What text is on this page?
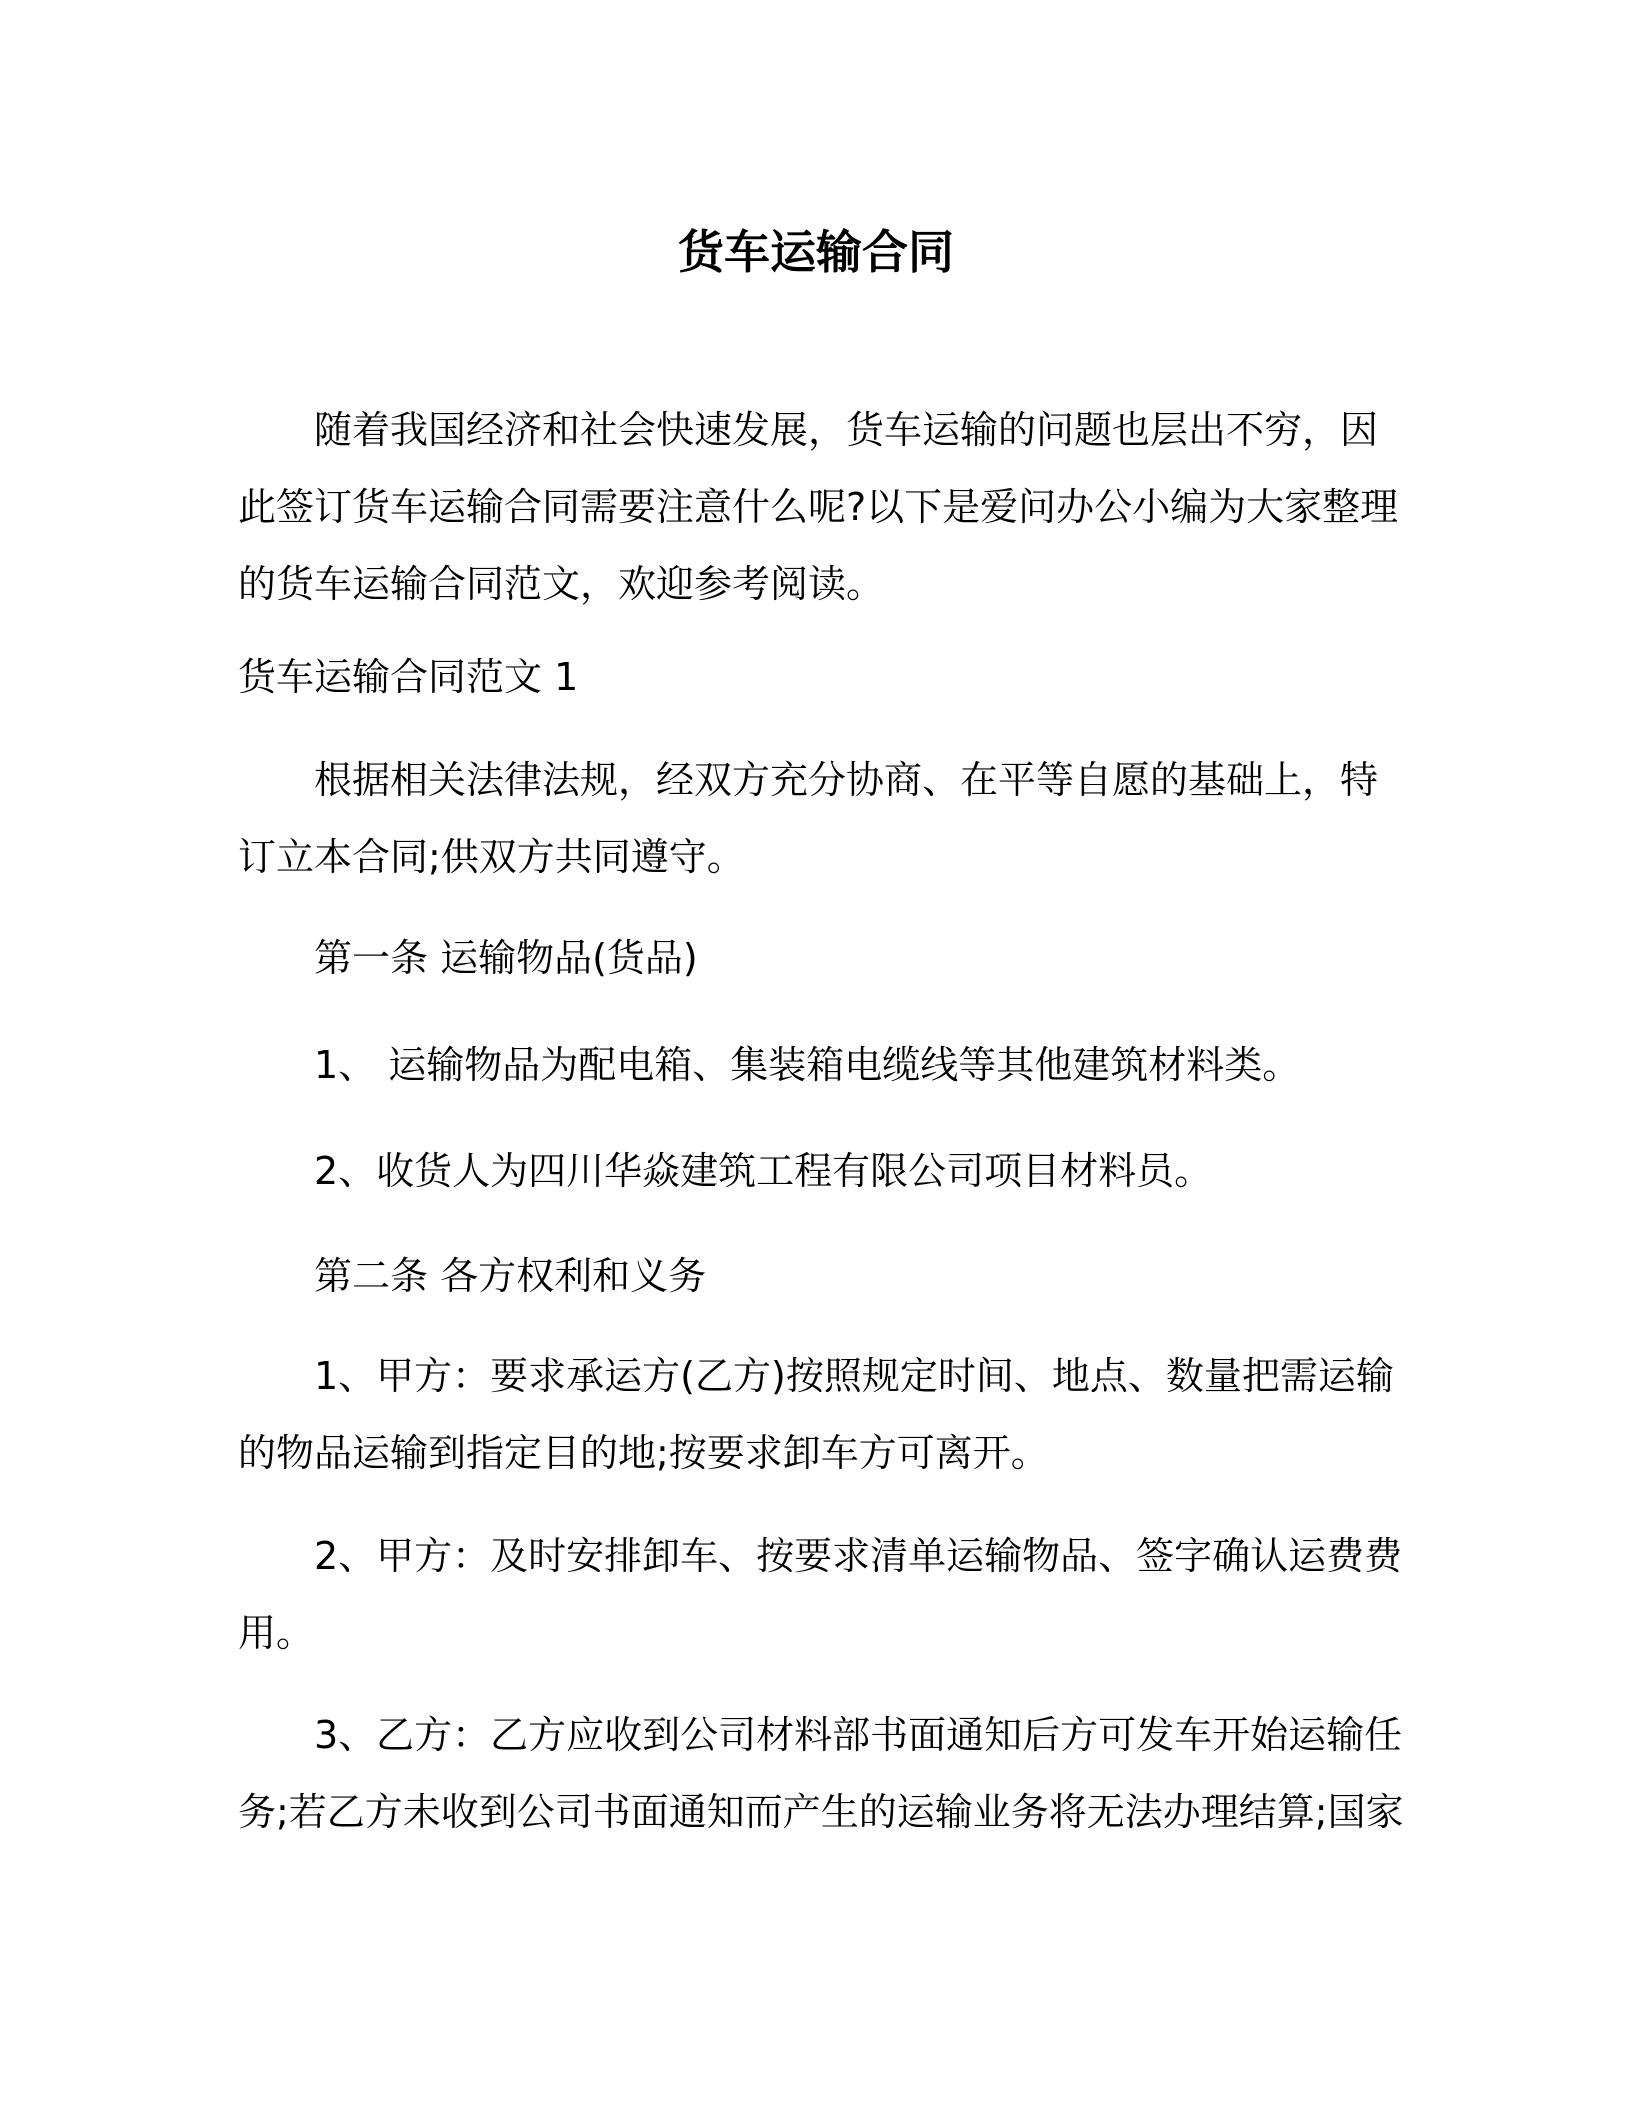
货车运输合同

随着我国经济和社会快速发展，货车运输的问题也层出不穷，因
此签订货车运输合同需要注意什么呢?以下是爱问办公小编为大家整理
的货车运输合同范文，欢迎参考阅读。

货车运输合同范文 1

根据相关法律法规，经双方充分协商、在平等自愿的基础上，特
订立本合同;供双方共同遵守。

第一条 运输物品(货品)

1、 运输物品为配电箱、集装箱电缆线等其他建筑材料类。

2、收货人为四川华焱建筑工程有限公司项目材料员。

第二条 各方权利和义务

1、甲方：要求承运方(乙方)按照规定时间、地点、数量把需运输
的物品运输到指定目的地;按要求卸车方可离开。

2、甲方：及时安排卸车、按要求清单运输物品、签字确认运费费
用。

3、乙方：乙方应收到公司材料部书面通知后方可发车开始运输任
务;若乙方未收到公司书面通知而产生的运输业务将无法办理结算;国家
